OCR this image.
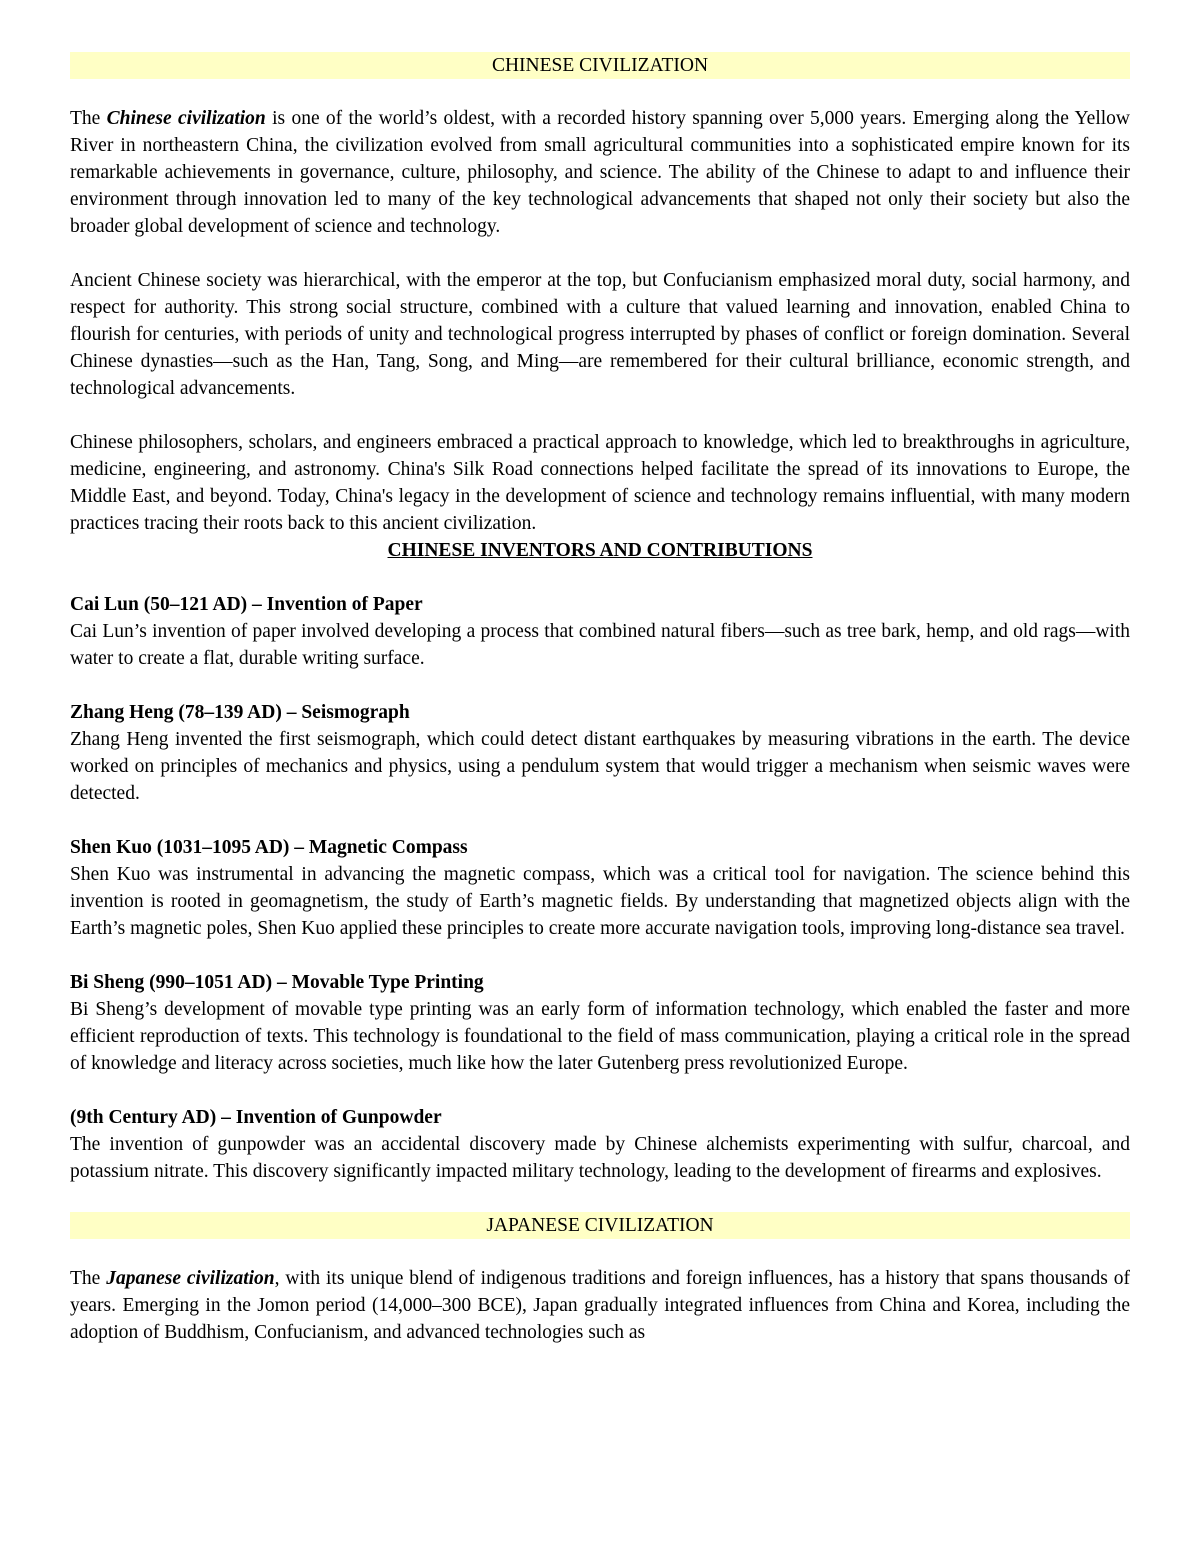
CHINESE CIVILIZATION

The Chinese civilization is one of the world’s oldest, with a recorded history spanning over 5,000 years. Emerging along the Yellow River in northeastern China, the civilization evolved from small agricultural communities into a sophisticated empire known for its remarkable achievements in governance, culture, philosophy, and science. The ability of the Chinese to adapt to and influence their environment through innovation led to many of the key technological advancements that shaped not only their society but also the broader global development of science and technology.

Ancient Chinese society was hierarchical, with the emperor at the top, but Confucianism emphasized moral duty, social harmony, and respect for authority. This strong social structure, combined with a culture that valued learning and innovation, enabled China to flourish for centuries, with periods of unity and technological progress interrupted by phases of conflict or foreign domination. Several Chinese dynasties—such as the Han, Tang, Song, and Ming—are remembered for their cultural brilliance, economic strength, and technological advancements.

Chinese philosophers, scholars, and engineers embraced a practical approach to knowledge, which led to breakthroughs in agriculture, medicine, engineering, and astronomy. China's Silk Road connections helped facilitate the spread of its innovations to Europe, the Middle East, and beyond. Today, China's legacy in the development of science and technology remains influential, with many modern practices tracing their roots back to this ancient civilization.

CHINESE INVENTORS AND CONTRIBUTIONS
Cai Lun (50–121 AD) – Invention of Paper
Cai Lun’s invention of paper involved developing a process that combined natural fibers—such as tree bark, hemp, and old rags—with water to create a flat, durable writing surface.
Zhang Heng (78–139 AD) – Seismograph
Zhang Heng invented the first seismograph, which could detect distant earthquakes by measuring vibrations in the earth. The device worked on principles of mechanics and physics, using a pendulum system that would trigger a mechanism when seismic waves were detected.
Shen Kuo (1031–1095 AD) – Magnetic Compass
Shen Kuo was instrumental in advancing the magnetic compass, which was a critical tool for navigation. The science behind this invention is rooted in geomagnetism, the study of Earth’s magnetic fields. By understanding that magnetized objects align with the Earth’s magnetic poles, Shen Kuo applied these principles to create more accurate navigation tools, improving long-distance sea travel.
Bi Sheng (990–1051 AD) – Movable Type Printing
Bi Sheng’s development of movable type printing was an early form of information technology, which enabled the faster and more efficient reproduction of texts. This technology is foundational to the field of mass communication, playing a critical role in the spread of knowledge and literacy across societies, much like how the later Gutenberg press revolutionized Europe.
(9th Century AD) – Invention of Gunpowder
The invention of gunpowder was an accidental discovery made by Chinese alchemists experimenting with sulfur, charcoal, and potassium nitrate. This discovery significantly impacted military technology, leading to the development of firearms and explosives.
JAPANESE CIVILIZATION

The Japanese civilization, with its unique blend of indigenous traditions and foreign influences, has a history that spans thousands of years. Emerging in the Jomon period (14,000–300 BCE), Japan gradually integrated influences from China and Korea, including the adoption of Buddhism, Confucianism, and advanced technologies such as
